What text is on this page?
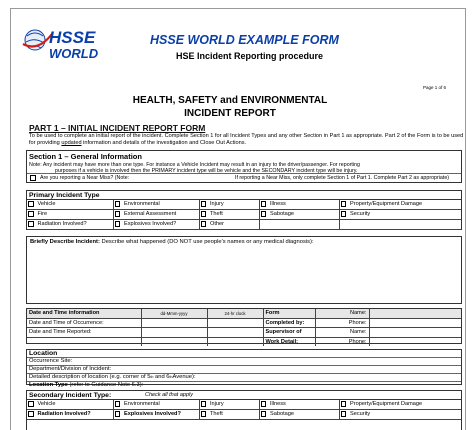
HSSE
WORLD
HSSE WORLD EXAMPLE FORM
HSE Incident Reporting procedure
Page 1 of 6
HEALTH, SAFETY and ENVIRONMENTAL
INCIDENT REPORT
PART 1 – INITIAL INCIDENT REPORT FORM
To be used to complete an initial report of the incident. Complete Section 1 for all Incident Types and any other Section in Part 1 as appropriate. Part 2 of the Form is to be used for providing updated information and details of the investigation and Close Out Actions.
Section 1 – General Information
Note: Any incident may have more than one type. For instance a Vehicle Incident may result in an injury to the driver/passenger. For reporting
purposes if a vehicle is involved then the PRIMARY incident type will be vehicle and the SECONDARY incident type will be injury.
Are you reporting a Near Miss? (Note:	If reporting a Near Miss, only complete Section 1 of Part 1. Complete Part 2 as appropriate)
Primary Incident Type
Vehicle	Environmental	Injury	Illness	Property/Equipment Damage
Fire	External Assessment	Theft	Sabotage	Security
Radiation Involved?	Explosives Involved?	Other		
Briefly Describe Incident: Describe what happened (DO NOT use people's names or any medical diagnosis):
Date and Time information	dd-Mmm-yyyy	24-hr clock	Form	Name:	
Date and Time of Occurrence:			Completed by:	Phone:	
Date and Time Reported:			Supervisor of	Name:	
			Work Detail:	Phone:	
Location
Occurrence Site:
Department/Division of Incident:
Detailed description of location (e.g. corner of 5th and 6thAvenue):
Location Type (refer to Guidance Note 6.3):
Secondary Incident Type:	Check all that apply
Vehicle	Environmental	Injury	Illness	Property/Equipment Damage
Radiation Involved?	Explosives Involved?	Theft	Sabotage	Security
